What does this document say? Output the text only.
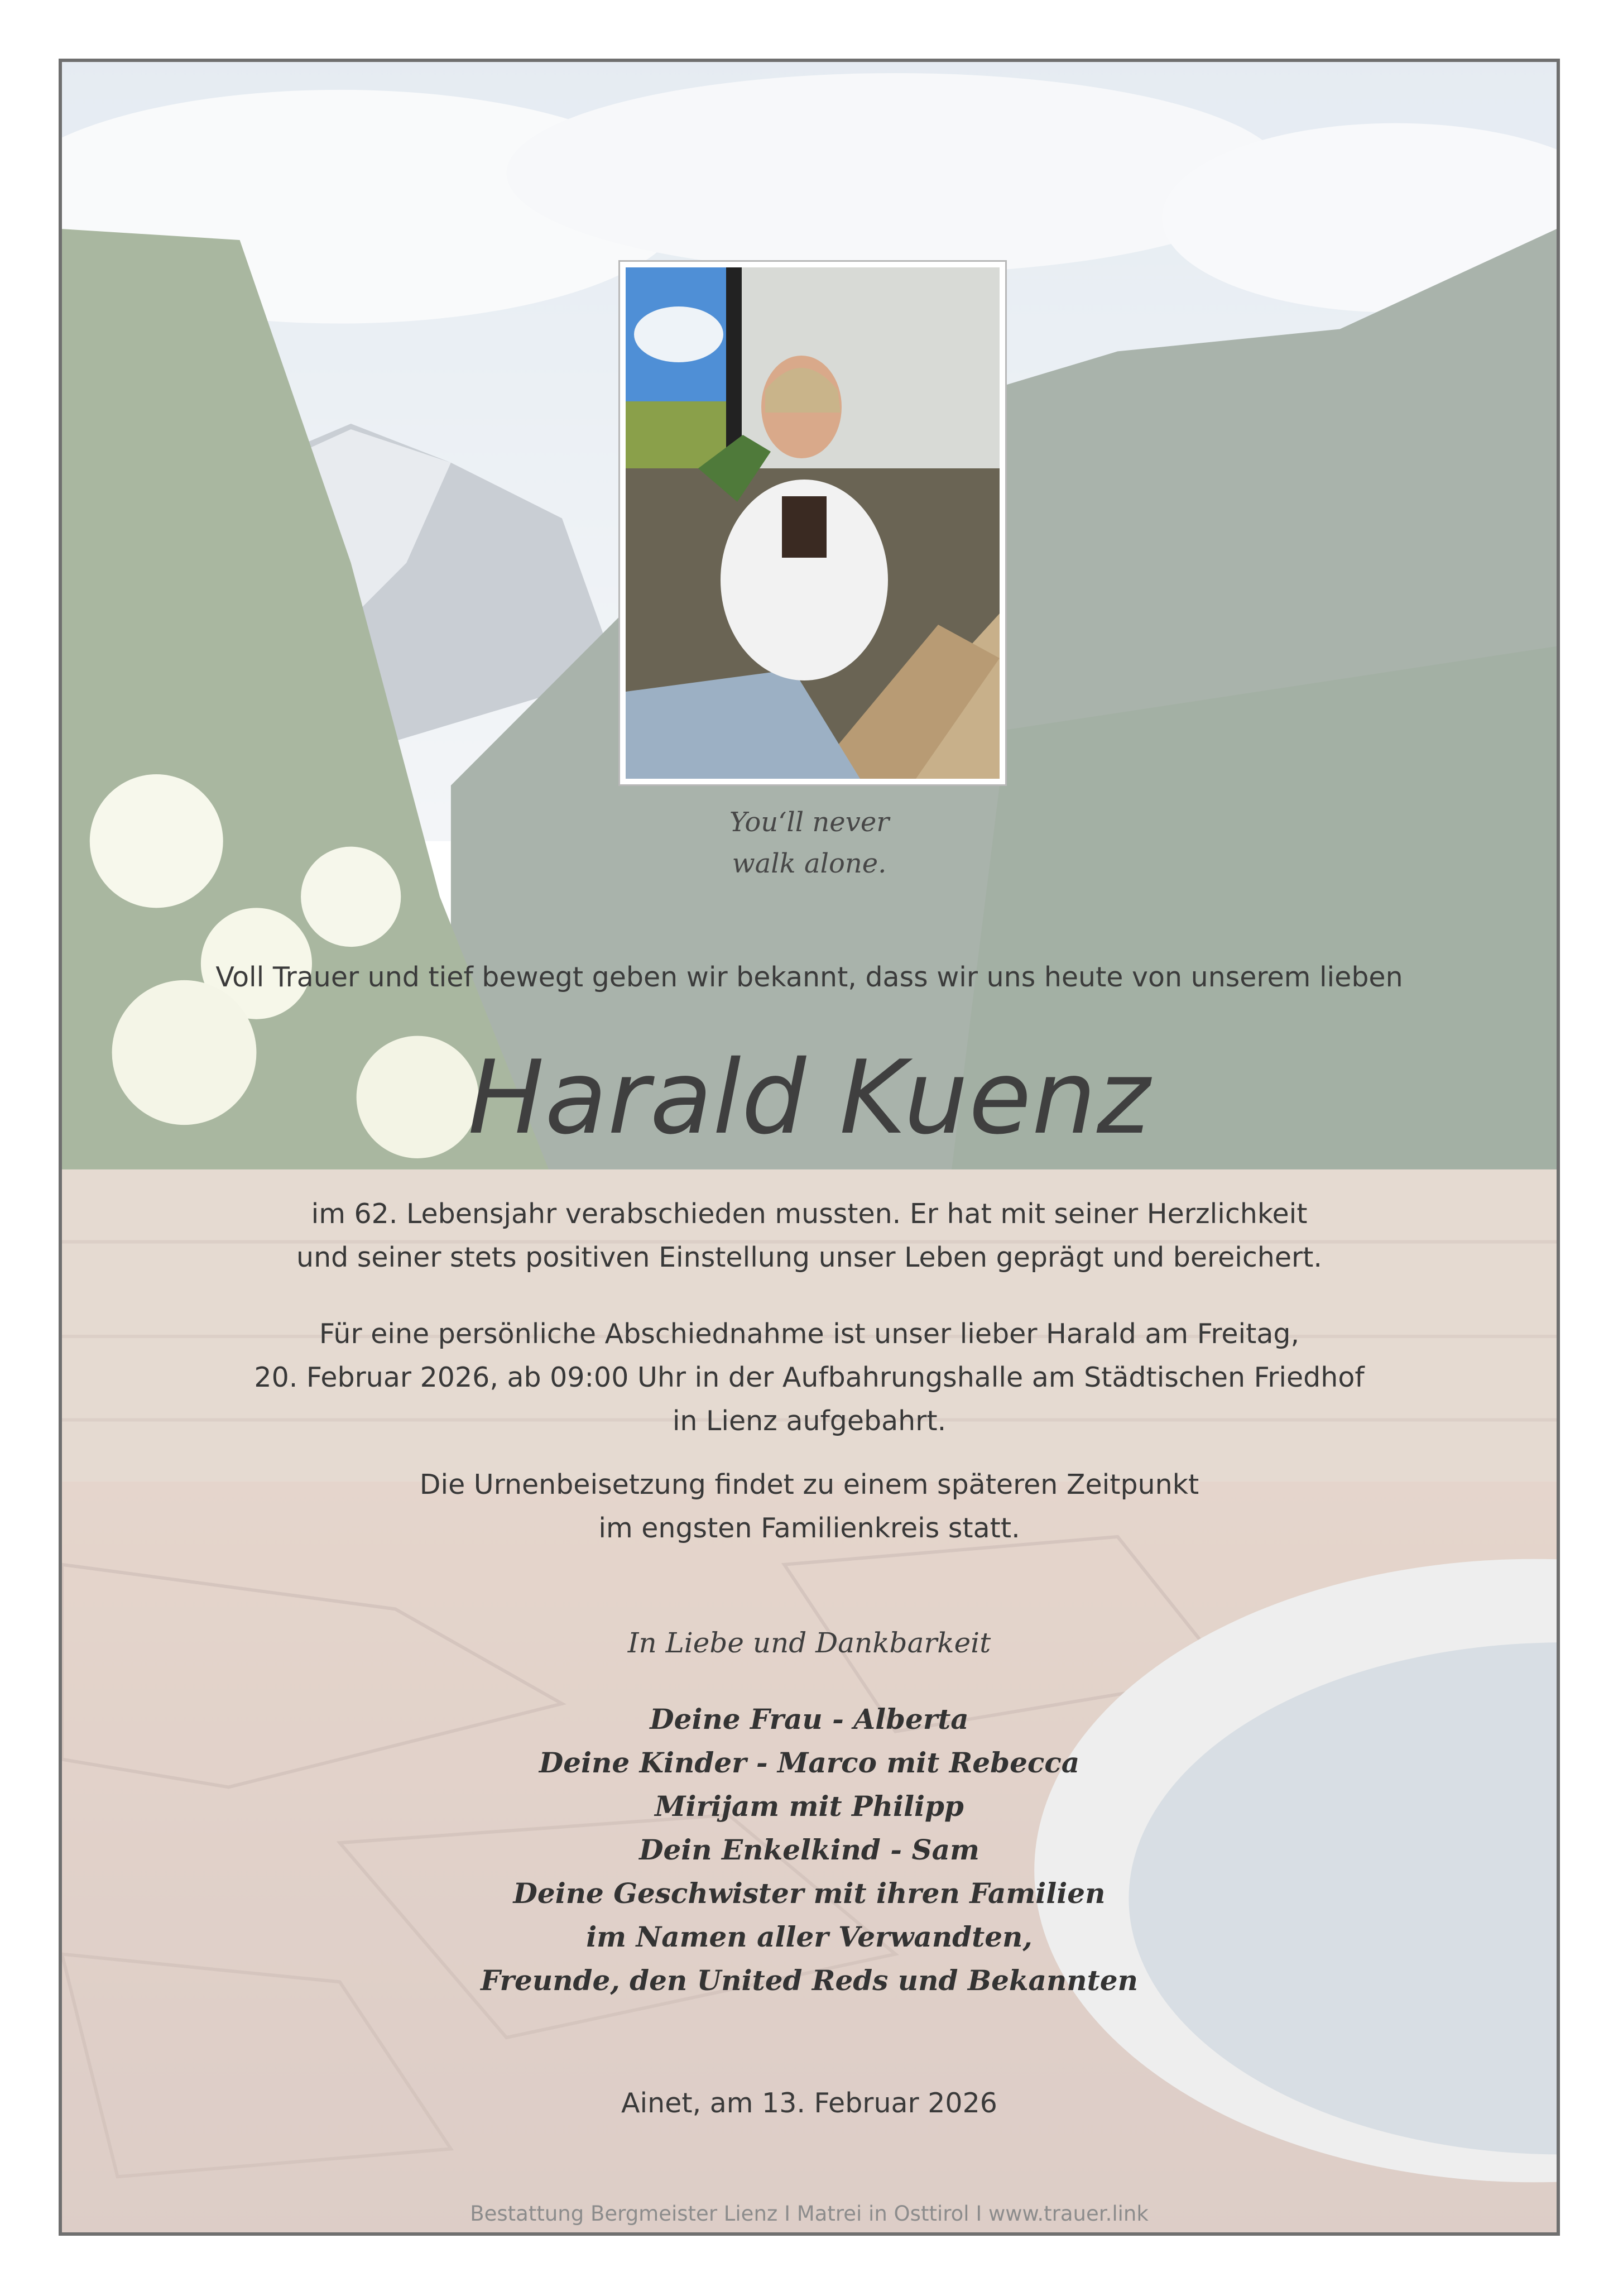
You‘ll never
walk alone.
Voll Trauer und tief bewegt geben wir bekannt, dass wir uns heute von unserem lieben
Harald Kuenz
im 62. Lebensjahr verabschieden mussten. Er hat mit seiner Herzlichkeit
und seiner stets positiven Einstellung unser Leben geprägt und bereichert.
Für eine persönliche Abschiednahme ist unser lieber Harald am Freitag,
20. Februar 2026, ab 09:00 Uhr in der Aufbahrungshalle am Städtischen Friedhof
in Lienz aufgebahrt.
Die Urnenbeisetzung findet zu einem späteren Zeitpunkt
im engsten Familienkreis statt.
In Liebe und Dankbarkeit
Deine Frau - Alberta
Deine Kinder - Marco mit Rebecca
Mirijam mit Philipp
Dein Enkelkind - Sam
Deine Geschwister mit ihren Familien
im Namen aller Verwandten,
Freunde, den United Reds und Bekannten
Ainet, am 13. Februar 2026
Bestattung Bergmeister Lienz I Matrei in Osttirol I www.trauer.link
